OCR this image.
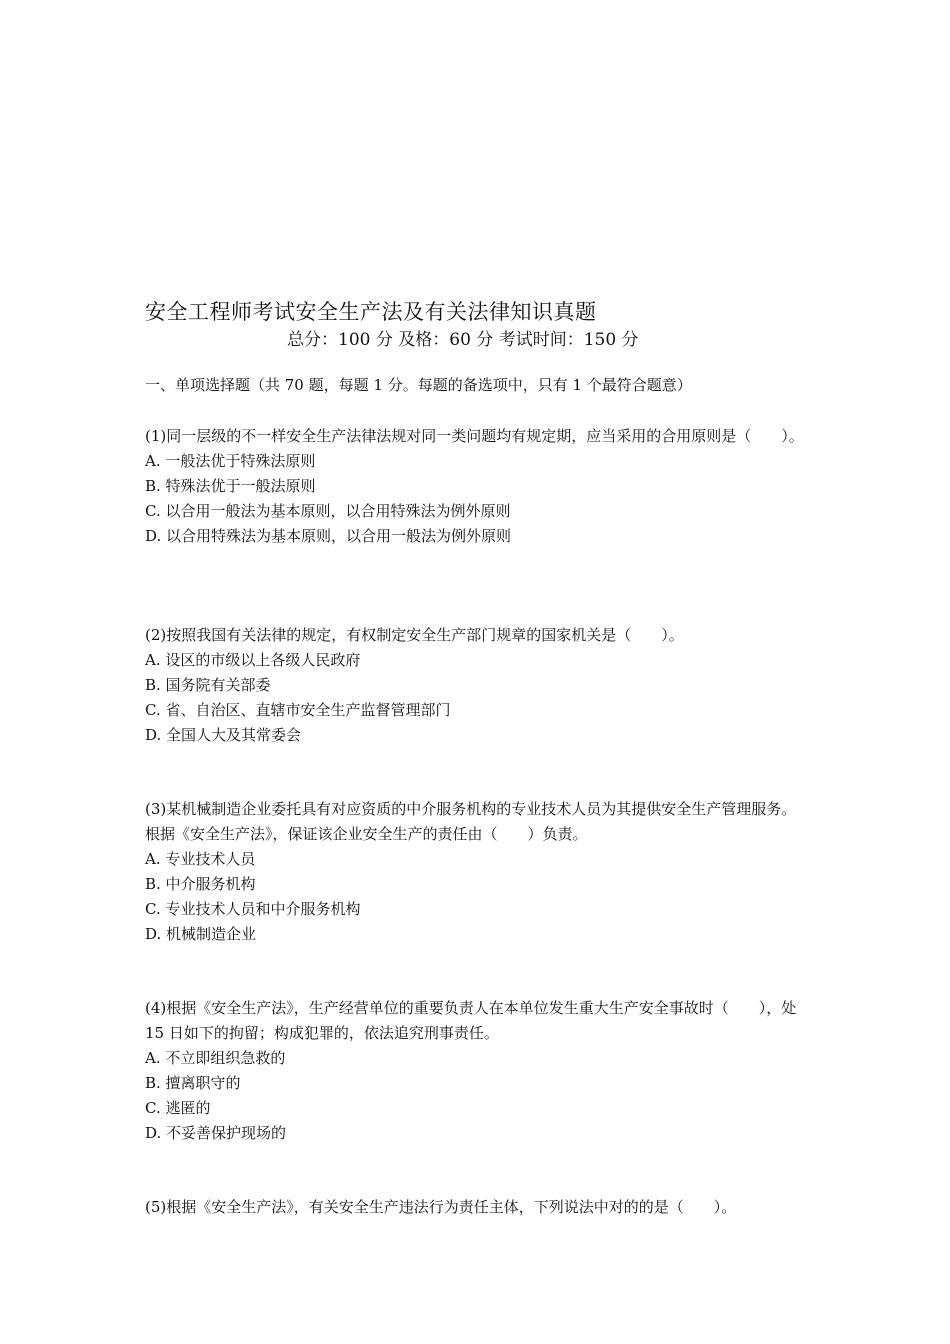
安全工程师考试安全生产法及有关法律知识真题
总分：100 分 及格：60 分 考试时间：150 分
一、单项选择题（共 70 题，每题 1 分。每题的备选项中，只有 1 个最符合题意）
(1)同一层级的不一样安全生产法律法规对同一类问题均有规定期，应当采用的合用原则是（　　）。
A. 一般法优于特殊法原则
B. 特殊法优于一般法原则
C. 以合用一般法为基本原则，以合用特殊法为例外原则
D. 以合用特殊法为基本原则，以合用一般法为例外原则
(2)按照我国有关法律的规定，有权制定安全生产部门规章的国家机关是（　　）。
A. 设区的市级以上各级人民政府
B. 国务院有关部委
C. 省、自治区、直辖市安全生产监督管理部门
D. 全国人大及其常委会
(3)某机械制造企业委托具有对应资质的中介服务机构的专业技术人员为其提供安全生产管理服务。根据《安全生产法》，保证该企业安全生产的责任由（　　）负责。
A. 专业技术人员
B. 中介服务机构
C. 专业技术人员和中介服务机构
D. 机械制造企业
(4)根据《安全生产法》，生产经营单位的重要负责人在本单位发生重大生产安全事故时（　　），处 15 日如下的拘留；构成犯罪的，依法追究刑事责任。
A. 不立即组织急救的
B. 擅离职守的
C. 逃匿的
D. 不妥善保护现场的
(5)根据《安全生产法》，有关安全生产违法行为责任主体，下列说法中对的的是（　　）。
